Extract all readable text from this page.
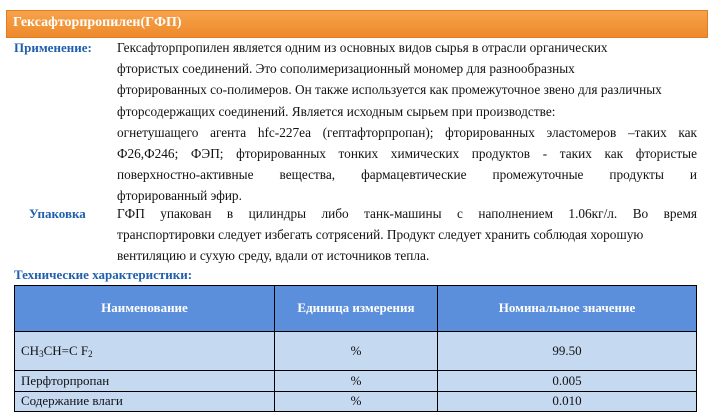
Гексафторпропилен(ГФП)
Применение: Гексафторпропилен является одним из основных видов сырья в отрасли органических
фтористых соединений. Это сополимеризационный мономер для разнообразных
фторированных со-полимеров. Он также используется как промежуточное звено для различных
фторсодержащих соединений. Является исходным сырьем при производстве:
огнетушащего агента hfc-227ea (гептафторпропан); фторированных эластомеров –таких как
Ф26,Ф246; ФЭП; фторированных тонких химических продуктов - таких как фтористые
поверхностно-активные вещества, фармацевтические промежуточные продукты и
фторированный эфир.
Упаковка ГФП упакован в цилиндры либо танк-машины с наполнением 1.06кг/л. Во время
транспортировки следует избегать сотрясений. Продукт следует хранить соблюдая хорошую
вентиляцию и сухую среду, вдали от источников тепла.
Технические характеристики:
Наименование	Единица измерения	Номинальное значение
$CH_3CH=C$ $F_2$	%	99.50
Перфторпропан	%	0.005
Содержание влаги	%	0.010
